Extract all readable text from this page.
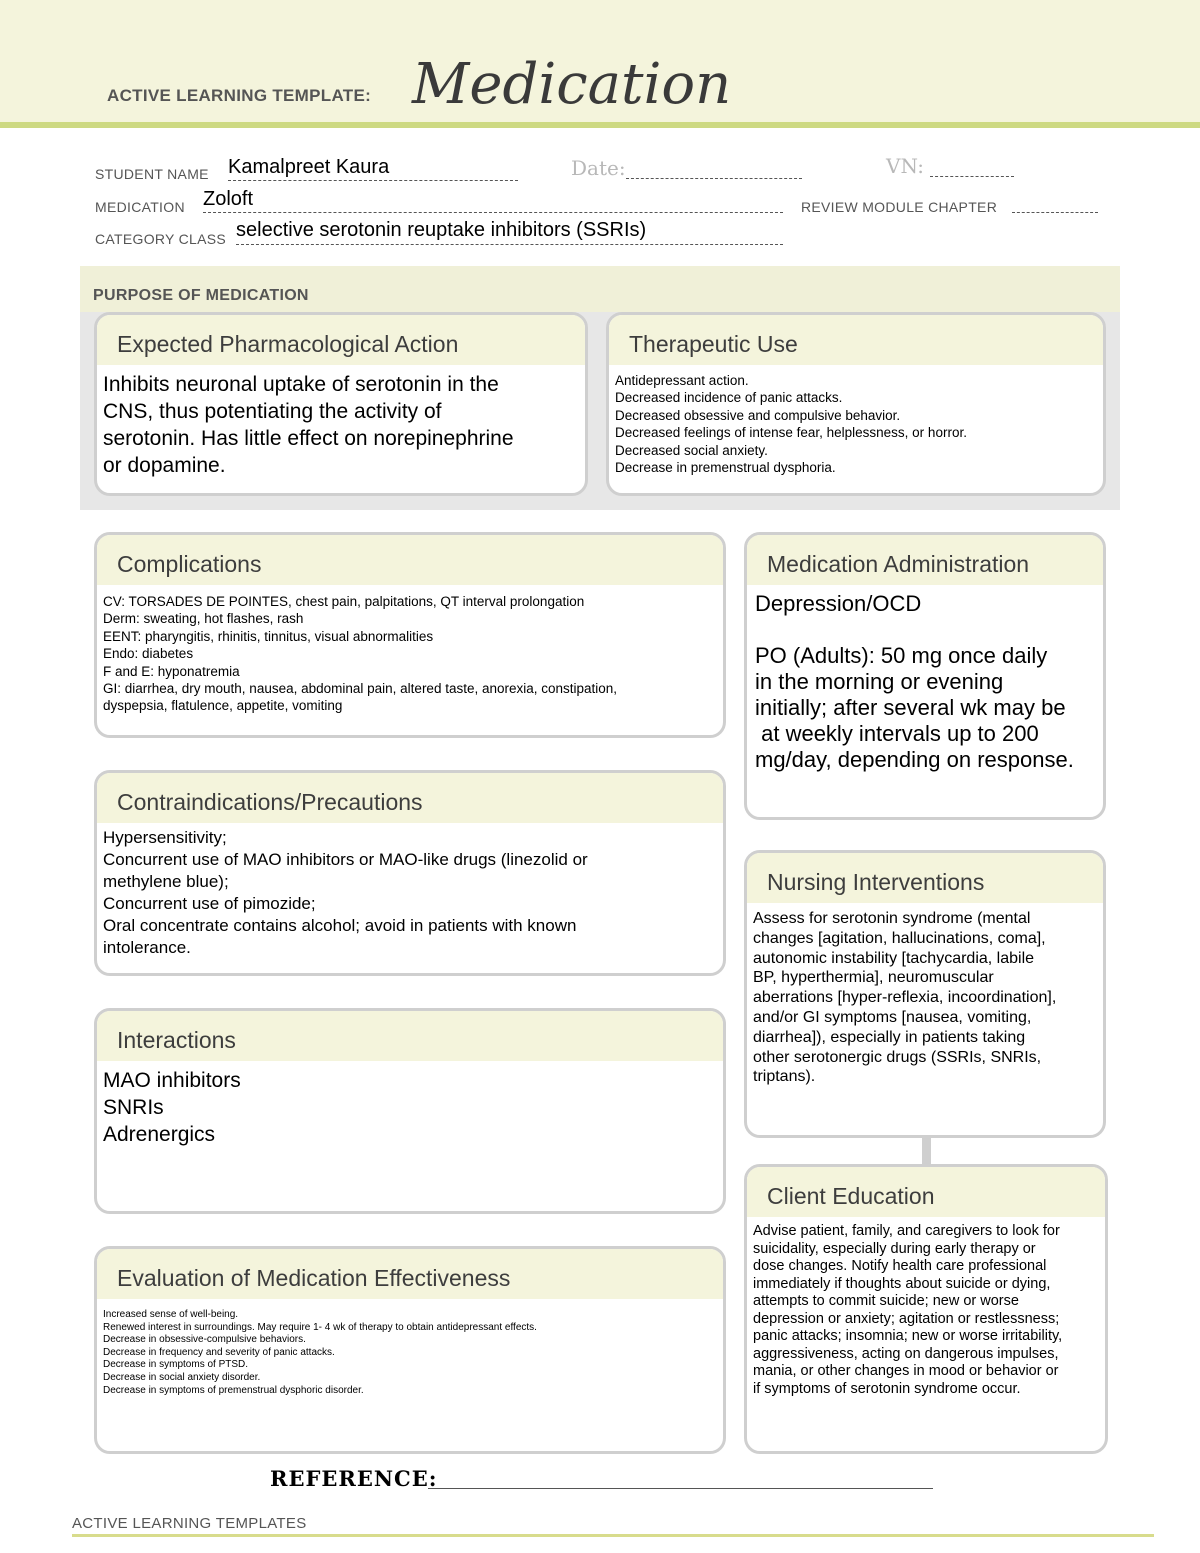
ACTIVE LEARNING TEMPLATE: Medication
STUDENT NAME Kamalpreet Kaura	Date:	VN:
MEDICATION Zoloft	REVIEW MODULE CHAPTER
CATEGORY CLASS selective serotonin reuptake inhibitors (SSRIs)
PURPOSE OF MEDICATION
Expected Pharmacological Action
Inhibits neuronal uptake of serotonin in the
CNS, thus potentiating the activity of
serotonin. Has little effect on norepinephrine
or dopamine.
Therapeutic Use
Antidepressant action.
Decreased incidence of panic attacks.
Decreased obsessive and compulsive behavior.
Decreased feelings of intense fear, helplessness, or horror.
Decreased social anxiety.
Decrease in premenstrual dysphoria.
Complications
CV: TORSADES DE POINTES, chest pain, palpitations, QT interval prolongation
Derm: sweating, hot flashes, rash
EENT: pharyngitis, rhinitis, tinnitus, visual abnormalities
Endo: diabetes
F and E: hyponatremia
GI: diarrhea, dry mouth, nausea, abdominal pain, altered taste, anorexia, constipation,
dyspepsia, flatulence, appetite, vomiting
Medication Administration
Depression/OCD
PO (Adults): 50 mg once daily
in the morning or evening
initially; after several wk may be
at weekly intervals up to 200
mg/day, depending on response.
Contraindications/Precautions
Hypersensitivity;
Concurrent use of MAO inhibitors or MAO-like drugs (linezolid or
methylene blue);
Concurrent use of pimozide;
Oral concentrate contains alcohol; avoid in patients with known
intolerance.
Nursing Interventions
Assess for serotonin syndrome (mental
changes [agitation, hallucinations, coma],
autonomic instability [tachycardia, labile
BP, hyperthermia], neuromuscular
aberrations [hyper-reflexia, incoordination],
and/or GI symptoms [nausea, vomiting,
diarrhea]), especially in patients taking
other serotonergic drugs (SSRIs, SNRIs,
triptans).
Interactions
MAO inhibitors
SNRIs
Adrenergics
Client Education
Advise patient, family, and caregivers to look for
suicidality, especially during early therapy or
dose changes. Notify health care professional
immediately if thoughts about suicide or dying,
attempts to commit suicide; new or worse
depression or anxiety; agitation or restlessness;
panic attacks; insomnia; new or worse irritability,
aggressiveness, acting on dangerous impulses,
mania, or other changes in mood or behavior or
if symptoms of serotonin syndrome occur.
Evaluation of Medication Effectiveness
Increased sense of well-being.
Renewed interest in surroundings. May require 1- 4 wk of therapy to obtain antidepressant effects.
Decrease in obsessive-compulsive behaviors.
Decrease in frequency and severity of panic attacks.
Decrease in symptoms of PTSD.
Decrease in social anxiety disorder.
Decrease in symptoms of premenstrual dysphoric disorder.
REFERENCE:
ACTIVE LEARNING TEMPLATES
